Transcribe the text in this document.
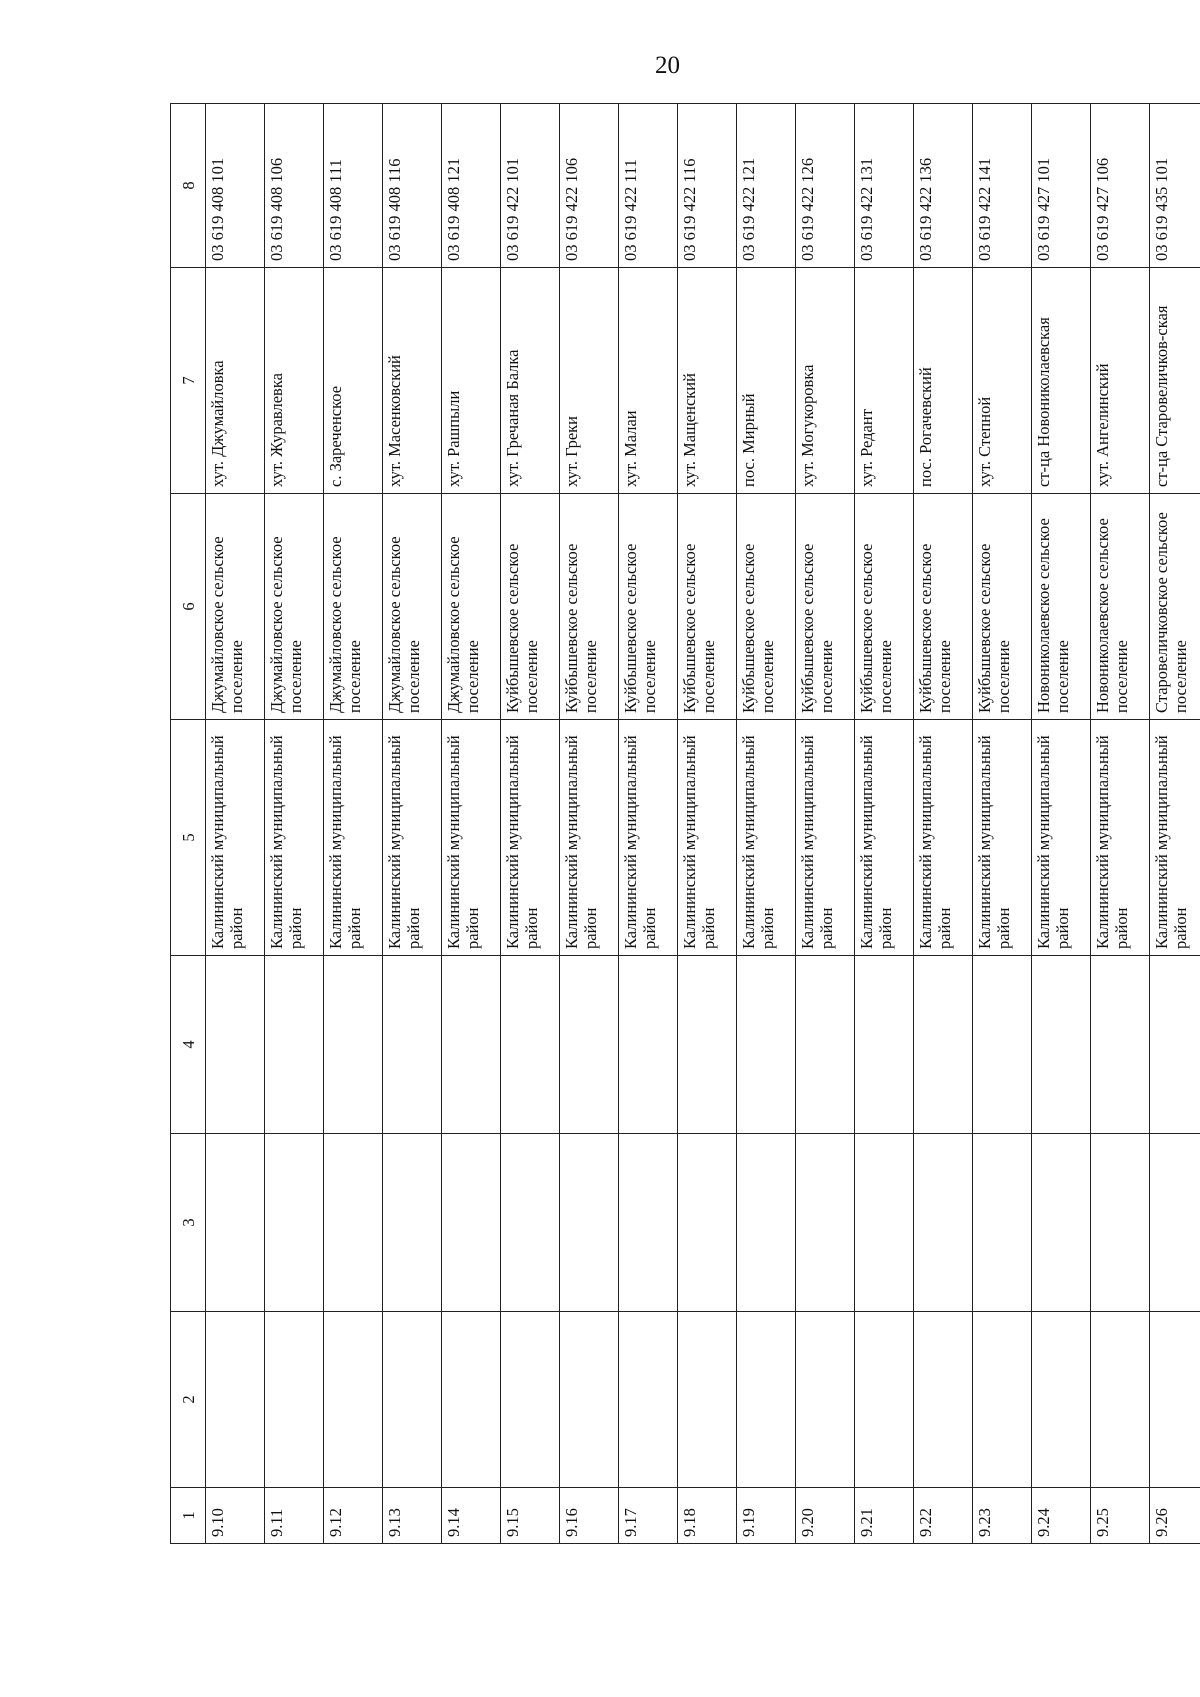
20
1	2	3	4	5	6	7	8
9.10				Калининский муниципальный район	Джумайловское сельское поселение	хут. Джумайловка	03 619 408 101
9.11				Калининский муниципальный район	Джумайловское сельское поселение	хут. Журавлевка	03 619 408 106
9.12				Калининский муниципальный район	Джумайловское сельское поселение	с. Зареченское	03 619 408 111
9.13				Калининский муниципальный район	Джумайловское сельское поселение	хут. Масенковский	03 619 408 116
9.14				Калининский муниципальный район	Джумайловское сельское поселение	хут. Рашпыли	03 619 408 121
9.15				Калининский муниципальный район	Куйбышевское сельское поселение	хут. Гречаная Балка	03 619 422 101
9.16				Калининский муниципальный район	Куйбышевское сельское поселение	хут. Греки	03 619 422 106
9.17				Калининский муниципальный район	Куйбышевское сельское поселение	хут. Малаи	03 619 422 111
9.18				Калининский муниципальный район	Куйбышевское сельское поселение	хут. Мащенский	03 619 422 116
9.19				Калининский муниципальный район	Куйбышевское сельское поселение	пос. Мирный	03 619 422 121
9.20				Калининский муниципальный район	Куйбышевское сельское поселение	хут. Могукоровка	03 619 422 126
9.21				Калининский муниципальный район	Куйбышевское сельское поселение	хут. Редант	03 619 422 131
9.22				Калининский муниципальный район	Куйбышевское сельское поселение	пос. Рогачевский	03 619 422 136
9.23				Калининский муниципальный район	Куйбышевское сельское поселение	хут. Степной	03 619 422 141
9.24				Калининский муниципальный район	Новониколаевское сельское поселение	ст-ца Новониколаевская	03 619 427 101
9.25				Калининский муниципальный район	Новониколаевское сельское поселение	хут. Ангелинский	03 619 427 106
9.26				Калининский муниципальный район	Старовеличковское сельское поселение	ст-ца Старовеличков-ская	03 619 435 101
